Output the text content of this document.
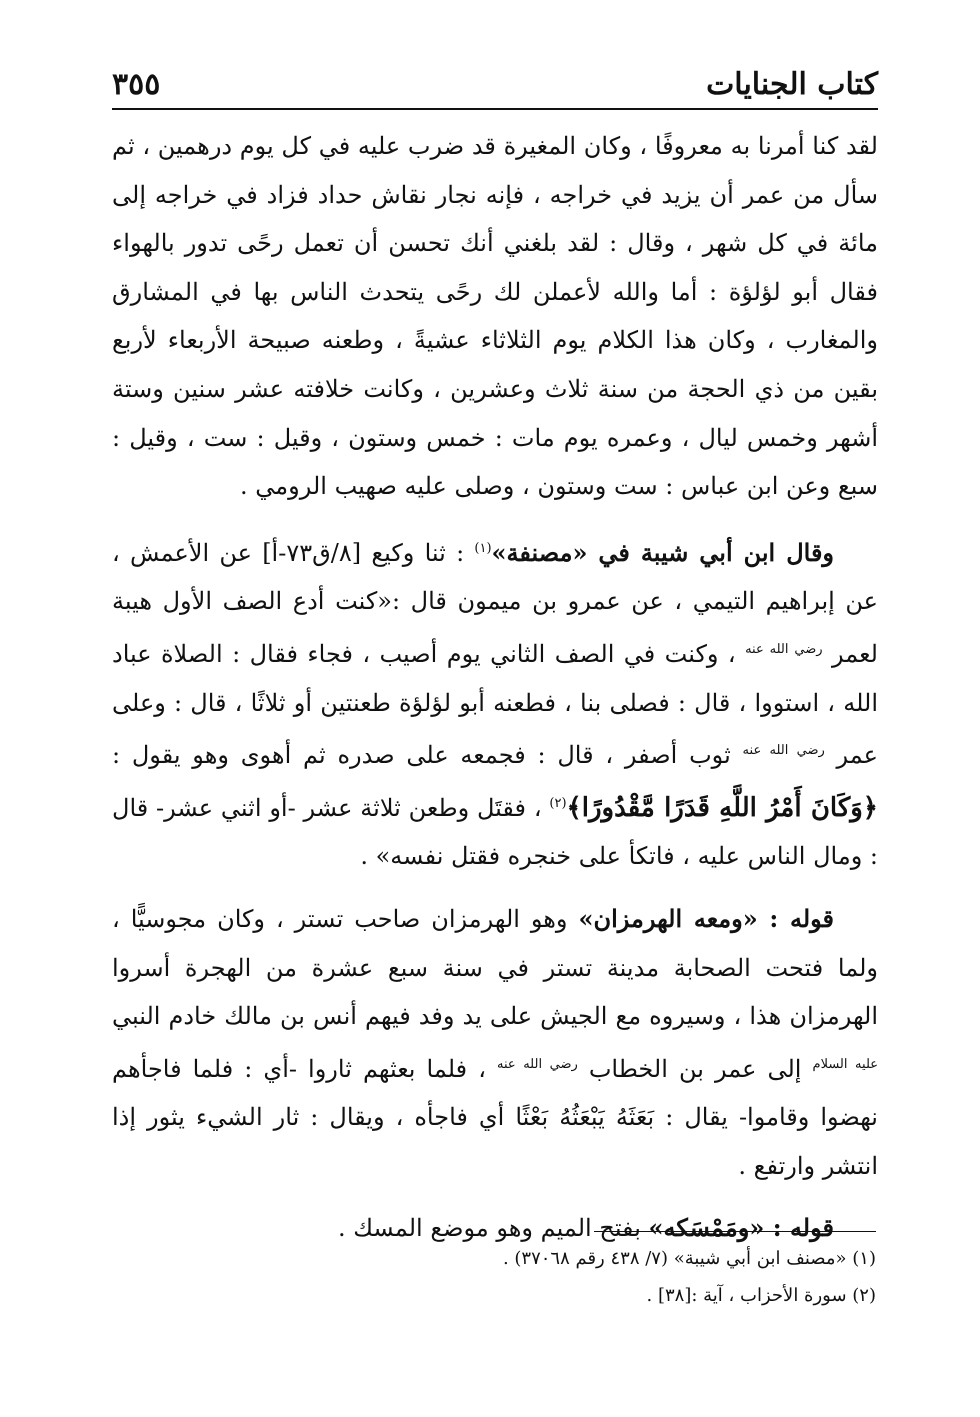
كتاب الجنايات
٣٥٥

لقد كنا أمرنا به معروفًا ، وكان المغيرة قد ضرب عليه في كل يوم درهمين ، ثم سأل من عمر أن يزيد في خراجه ، فإنه نجار نقاش حداد فزاد في خراجه إلى مائة في كل شهر ، وقال : لقد بلغني أنك تحسن أن تعمل رحًى تدور بالهواء فقال أبو لؤلؤة : أما والله لأعملن لك رحًى يتحدث الناس بها في المشارق والمغارب ، وكان هذا الكلام يوم الثلاثاء عشيةً ، وطعنه صبيحة الأربعاء لأربع بقين من ذي الحجة من سنة ثلاث وعشرين ، وكانت خلافته عشر سنين وستة أشهر وخمس ليال ، وعمره يوم مات : خمس وستون ، وقيل : ست ، وقيل : سبع وعن ابن عباس : ست وستون ، وصلى عليه صهيب الرومي .

وقال ابن أبي شيبة في «مصنفة»$^{(١)}$ : ثنا وكيع [٨/ق٧٣-أ] عن الأعمش ، عن إبراهيم التيمي ، عن عمرو بن ميمون قال :«كنت أدع الصف الأول هيبة لعمر $^{رضي الله عنه}$ ، وكنت في الصف الثاني يوم أصيب ، فجاء فقال : الصلاة عباد الله ، استووا ، قال : فصلى بنا ، فطعنه أبو لؤلؤة طعنتين أو ثلاثًا ، قال : وعلى عمر $^{رضي الله عنه}$ ثوب أصفر ، قال : فجمعه على صدره ثم أهوى وهو يقول : ﴿وَكَانَ أَمْرُ اللَّهِ قَدَرًا مَّقْدُورًا﴾$^{(٢)}$ ، فقتَل وطعن ثلاثة عشر -أو اثني عشر- قال : ومال الناس عليه ، فاتكأ على خنجره فقتل نفسه» .

قوله : «ومعه الهرمزان» وهو الهرمزان صاحب تستر ، وكان مجوسيًّا ، ولما فتحت الصحابة مدينة تستر في سنة سبع عشرة من الهجرة أسروا الهرمزان هذا ، وسيروه مع الجيش على يد وفد فيهم أنس بن مالك خادم النبي $^{عليه السلام}$ إلى عمر بن الخطاب $^{رضي الله عنه}$ ، فلما بعثهم ثاروا -أي : فلما فاجأهم نهضوا وقاموا- يقال : بَعَثَهُ يَبْعَثُهُ بَعْثًا أي فاجأه ، ويقال : ثار الشيء يثور إذا انتشر وارتفع .

قوله : «ومَمْسَكه» بفتح الميم وهو موضع المسك .

(١) «مصنف ابن أبي شيبة» (٧/ ٤٣٨ رقم ٣٧٠٦٨) .

(٢) سورة الأحزاب ، آية :[٣٨] .
